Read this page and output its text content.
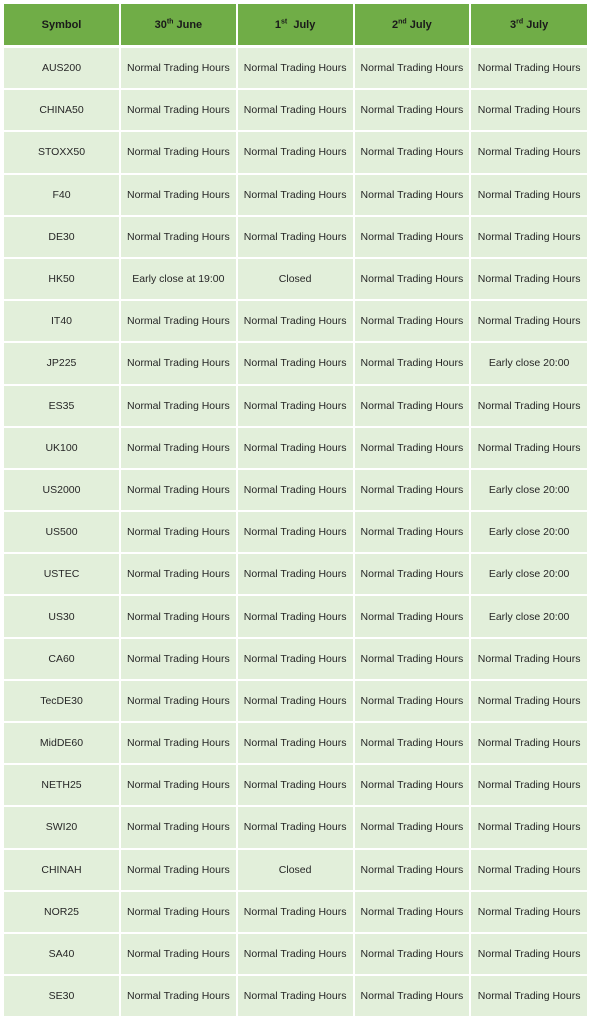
Symbol	30th June	1st  July	2nd July	3rd July
AUS200	Normal Trading Hours	Normal Trading Hours	Normal Trading Hours	Normal Trading Hours
CHINA50	Normal Trading Hours	Normal Trading Hours	Normal Trading Hours	Normal Trading Hours
STOXX50	Normal Trading Hours	Normal Trading Hours	Normal Trading Hours	Normal Trading Hours
F40	Normal Trading Hours	Normal Trading Hours	Normal Trading Hours	Normal Trading Hours
DE30	Normal Trading Hours	Normal Trading Hours	Normal Trading Hours	Normal Trading Hours
HK50	Early close at 19:00	Closed	Normal Trading Hours	Normal Trading Hours
IT40	Normal Trading Hours	Normal Trading Hours	Normal Trading Hours	Normal Trading Hours
JP225	Normal Trading Hours	Normal Trading Hours	Normal Trading Hours	Early close 20:00
ES35	Normal Trading Hours	Normal Trading Hours	Normal Trading Hours	Normal Trading Hours
UK100	Normal Trading Hours	Normal Trading Hours	Normal Trading Hours	Normal Trading Hours
US2000	Normal Trading Hours	Normal Trading Hours	Normal Trading Hours	Early close 20:00
US500	Normal Trading Hours	Normal Trading Hours	Normal Trading Hours	Early close 20:00
USTEC	Normal Trading Hours	Normal Trading Hours	Normal Trading Hours	Early close 20:00
US30	Normal Trading Hours	Normal Trading Hours	Normal Trading Hours	Early close 20:00
CA60	Normal Trading Hours	Normal Trading Hours	Normal Trading Hours	Normal Trading Hours
TecDE30	Normal Trading Hours	Normal Trading Hours	Normal Trading Hours	Normal Trading Hours
MidDE60	Normal Trading Hours	Normal Trading Hours	Normal Trading Hours	Normal Trading Hours
NETH25	Normal Trading Hours	Normal Trading Hours	Normal Trading Hours	Normal Trading Hours
SWI20	Normal Trading Hours	Normal Trading Hours	Normal Trading Hours	Normal Trading Hours
CHINAH	Normal Trading Hours	Closed	Normal Trading Hours	Normal Trading Hours
NOR25	Normal Trading Hours	Normal Trading Hours	Normal Trading Hours	Normal Trading Hours
SA40	Normal Trading Hours	Normal Trading Hours	Normal Trading Hours	Normal Trading Hours
SE30	Normal Trading Hours	Normal Trading Hours	Normal Trading Hours	Normal Trading Hours
